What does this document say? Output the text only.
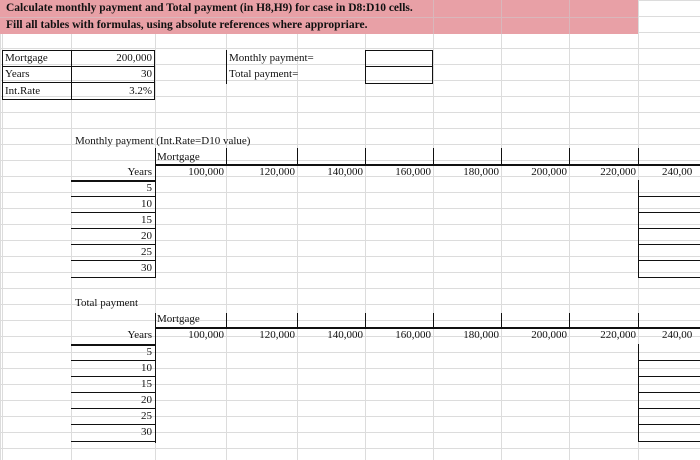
Calculate monthly payment and Total payment (in H8,H9) for case in D8:D10 cells.
Fill all tables with formulas, using absolute references where appropriare.
Mortgage	200,000
Years	30
Int.Rate	3.2%
Monthly payment=
Total payment=
Monthly payment (Int.Rate=D10 value)
Mortgage
Years	100,000	120,000	140,000	160,000	180,000	200,000	220,000 240,00
5
10
15
20
25
30
Total payment
Mortgage
Years	100,000	120,000	140,000	160,000	180,000	200,000	220,000 240,00
5
10
15
20
25
30
